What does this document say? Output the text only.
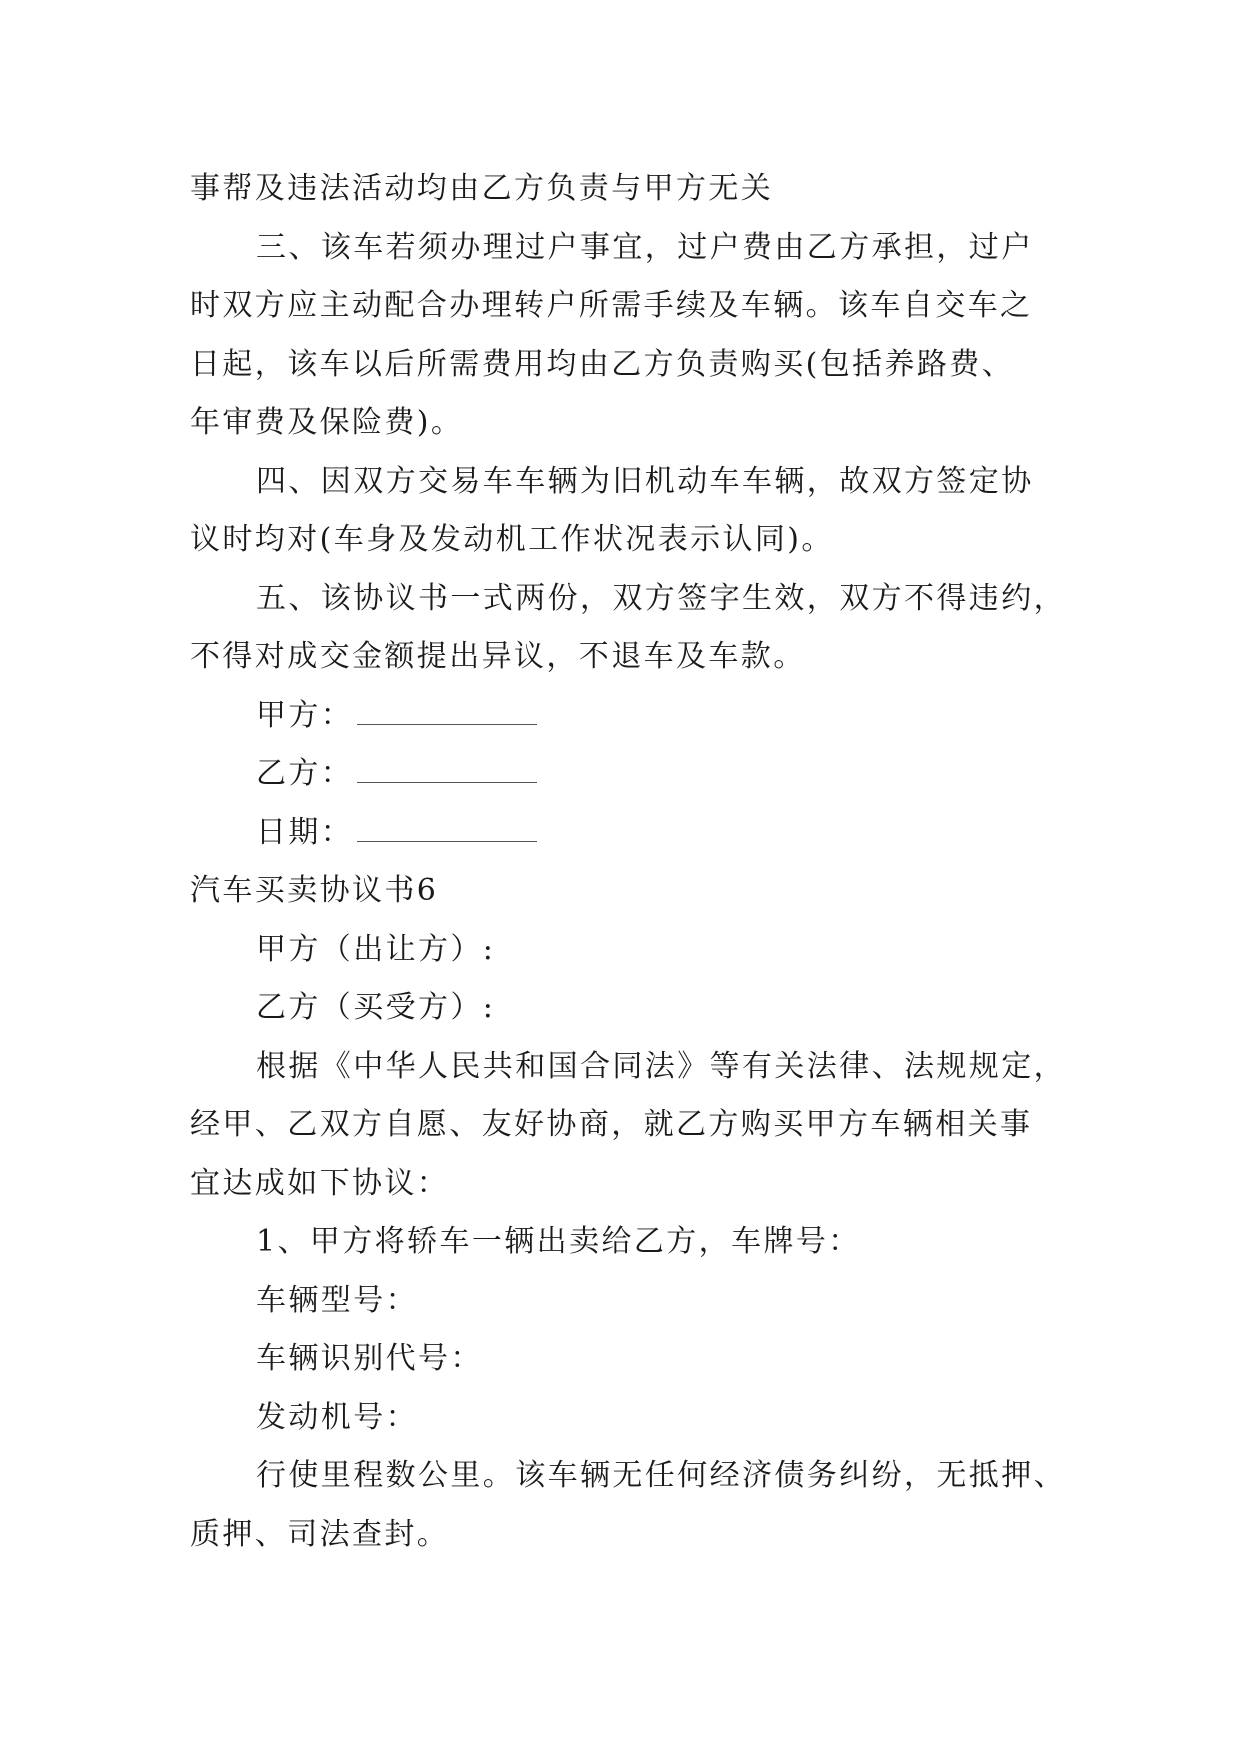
事帮及违法活动均由乙方负责与甲方无关
三、该车若须办理过户事宜，过户费由乙方承担，过户
时双方应主动配合办理转户所需手续及车辆。该车自交车之
日起，该车以后所需费用均由乙方负责购买(包括养路费、
年审费及保险费)。
四、因双方交易车车辆为旧机动车车辆，故双方签定协
议时均对(车身及发动机工作状况表示认同)。
五、该协议书一式两份，双方签字生效，双方不得违约，
不得对成交金额提出异议，不退车及车款。
甲方：
乙方：
日期：
汽车买卖协议书6
甲方（出让方）:
乙方（买受方）:
根据《中华人民共和国合同法》等有关法律、法规规定，
经甲、乙双方自愿、友好协商，就乙方购买甲方车辆相关事
宜达成如下协议：
1、甲方将轿车一辆出卖给乙方，车牌号：
车辆型号：
车辆识别代号：
发动机号：
行使里程数公里。该车辆无任何经济债务纠纷，无抵押、
质押、司法查封。
